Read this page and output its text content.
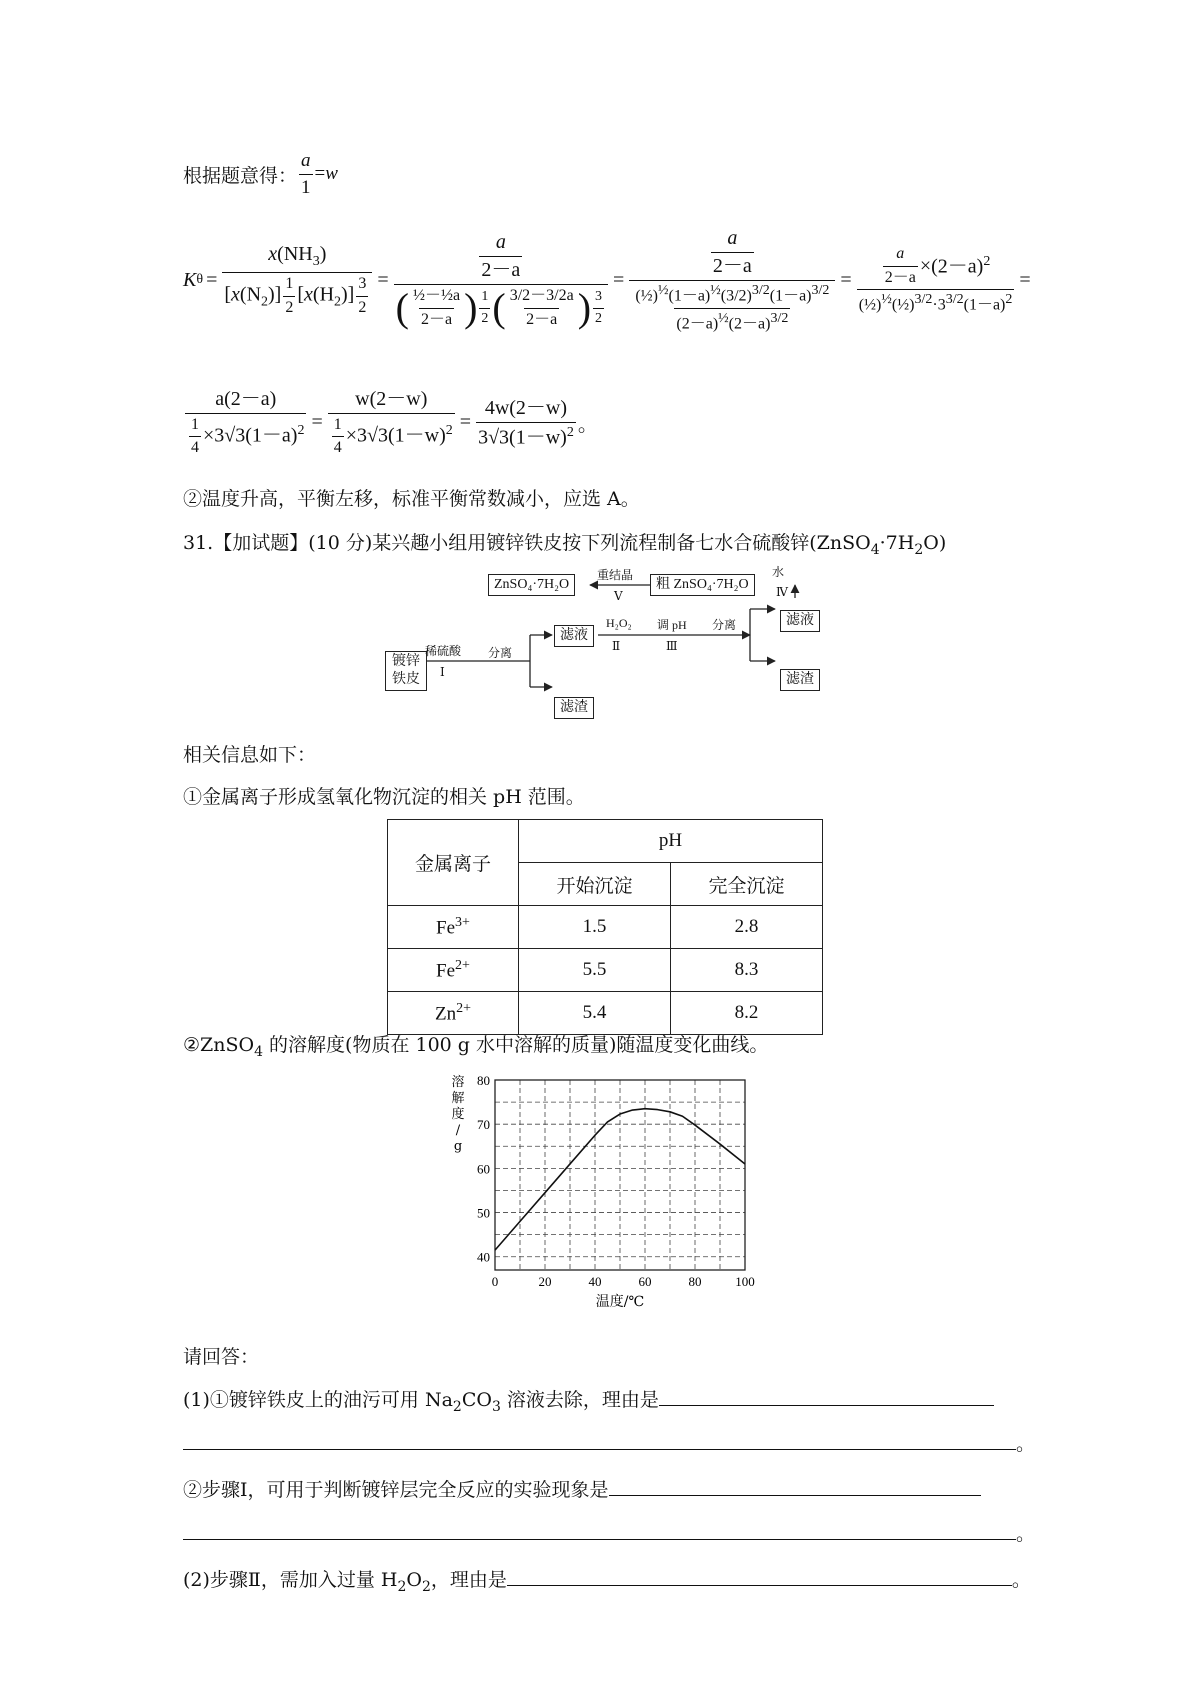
根据题意得： $\frac{a}{1} = w$
K $\theta = \frac{x(NH_3)}{[x(N_2)] \frac{1}{2} [x(H_2)] \frac{3}{2}} = \frac{a}{2-a}$
( ½－½a
2－a ) 1
2 ( 3/2－3/2a
2－a ) 3
$2 = \frac{\frac{a}{2-a}}{\frac{(\frac{1}{2})^{\frac{1}{2}}(1-a)^{\frac{1}{2}}(3/2)^{3/2}(1-a)^{3/2}}{(2-a)^{\frac{1}{2}}(2-a)^{3/2}}} = \frac{a}{2-a} \times (2-a)^2$
$(\frac{1}{2})^{\frac{1}{2}}(\frac{1}{2})^{3/2}\cdot 3^{3/2}(1-a)^2$
=
$\frac{a(2-a)}{\frac{1}{4} \times 3√3(1-a)^2} = \frac{w(2-w)}{\frac{1}{4} \times 3√3(1-w)^2} = \frac{4w(2-w)}{3√3(1-w)^2}$ 。
②温度升高，平衡左移，标准平衡常数减小，应选 A。
31.【加试题】(10 分)某兴趣小组用镀锌铁皮按下列流程制备七水合硫酸锌$(ZnSO_4\cdot 7H_2O)$
镀锌
铁皮
稀硫酸
Ⅰ
分离
滤液
滤渣
H₂O₂
Ⅱ
调 pH
Ⅲ
分离	滤液
滤渣
水
Ⅳ
粗 ZnSO₄·7H₂O
重结晶
Ⅴ
ZnSO₄·7H₂O
相关信息如下：
①金属离子形成氢氧化物沉淀的相关 pH 范围。
金属离子	pH	
	开始沉淀	完全沉淀
$Fe^{3+}$	1.5	2.8
$Fe^{2+}$	5.5	8.3
$Zn^{2+}$	5.4	8.2
②ZnSO$_4$ 的溶解度(物质在 100 g 水中溶解的质量)随温度变化曲线。
0	20	40	60	80	100
40
50
60
70
80
溶
解
度
/
g
温度/℃
请回答：
(1)①镀锌铁皮上的油污可用 $Na_2CO_3$ 溶液去除，理由是
。
②步骤Ⅰ，可用于判断镀锌层完全反应的实验现象是
。
(2)步骤Ⅱ，需加入过量 $H_2O_2$，理由是	。
